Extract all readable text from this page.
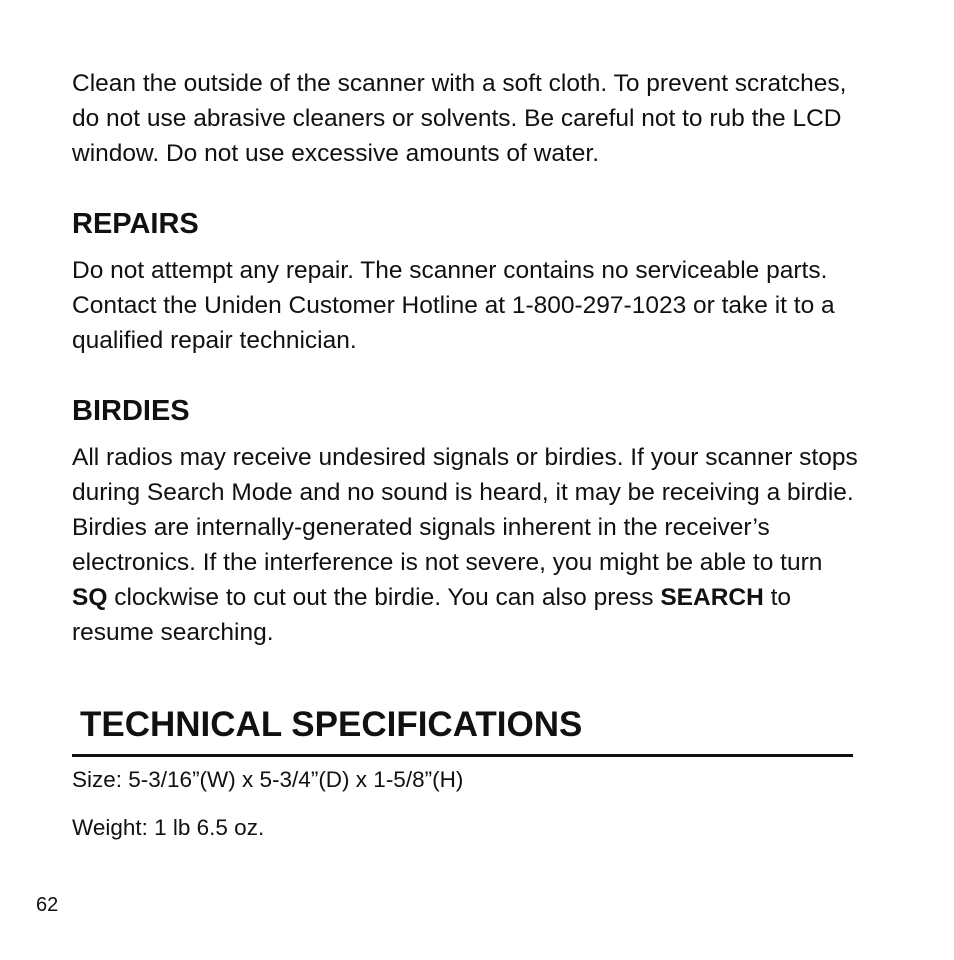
Clean the outside of the scanner with a soft cloth. To prevent scratches, do not use abrasive cleaners or solvents. Be careful not to rub the LCD window. Do not use excessive amounts of water.

REPAIRS

Do not attempt any repair. The scanner contains no serviceable parts. Contact the Uniden Customer Hotline at 1-800-297-1023 or take it to a qualified repair technician.

BIRDIES

All radios may receive undesired signals or birdies. If your scanner stops during Search Mode and no sound is heard, it may be receiving a birdie. Birdies are internally-generated signals inherent in the receiver’s electronics. If the interference is not severe, you might be able to turn SQ clockwise to cut out the birdie. You can also press SEARCH to resume searching.

TECHNICAL SPECIFICATIONS

Size: 5-3/16”(W) x 5-3/4”(D) x 1-5/8”(H)

Weight: 1 lb 6.5 oz.

62
